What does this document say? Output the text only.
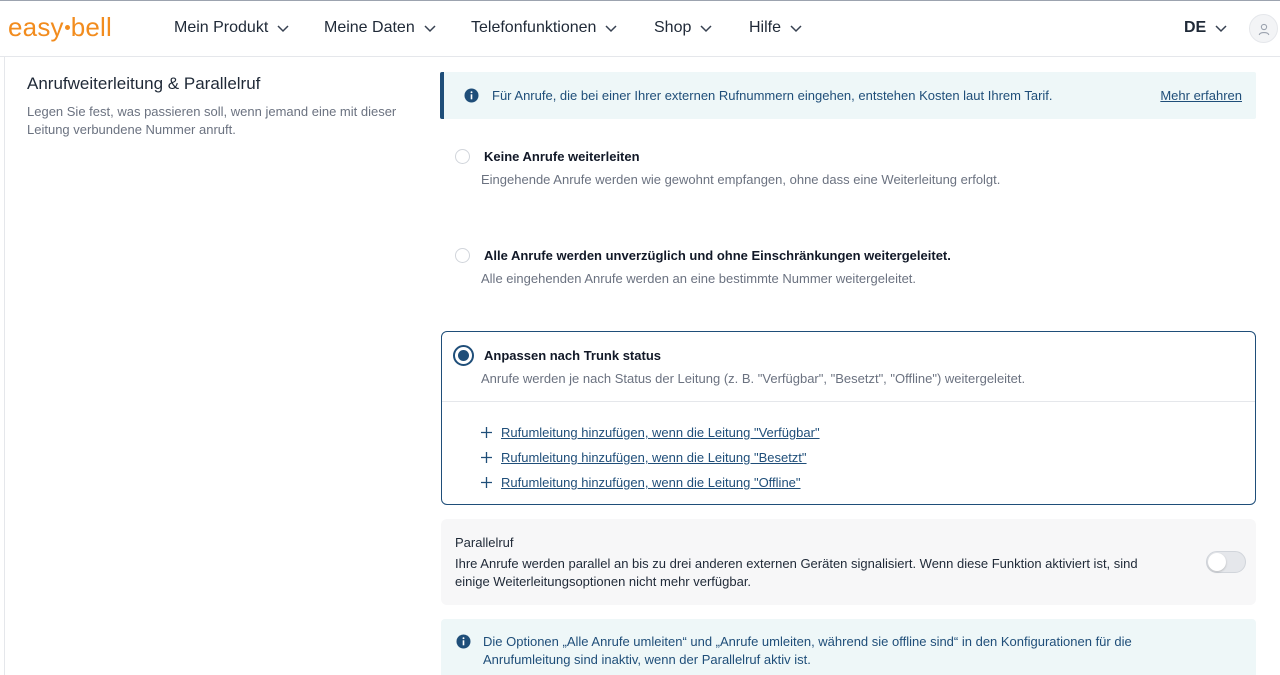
easy bell	Mein Produkt	Meine Daten	Telefonfunktionen	Shop	Hilfe	DE
Anrufweiterleitung & Parallelruf
Legen Sie fest, was passieren soll, wenn jemand eine mit dieser Leitung verbundene Nummer anruft.
Für Anrufe, die bei einer Ihrer externen Rufnummern eingehen, entstehen Kosten laut Ihrem Tarif.	Mehr erfahren
Keine Anrufe weiterleiten
Eingehende Anrufe werden wie gewohnt empfangen, ohne dass eine Weiterleitung erfolgt.
Alle Anrufe werden unverzüglich und ohne Einschränkungen weitergeleitet.
Alle eingehenden Anrufe werden an eine bestimmte Nummer weitergeleitet.
Anpassen nach Trunk status
Anrufe werden je nach Status der Leitung (z. B. "Verfügbar", "Besetzt", "Offline") weitergeleitet.
Rufumleitung hinzufügen, wenn die Leitung "Verfügbar"
Rufumleitung hinzufügen, wenn die Leitung "Besetzt"
Rufumleitung hinzufügen, wenn die Leitung "Offline"
Parallelruf
Ihre Anrufe werden parallel an bis zu drei anderen externen Geräten signalisiert. Wenn diese Funktion aktiviert ist, sind einige Weiterleitungsoptionen nicht mehr verfügbar.
Die Optionen „Alle Anrufe umleiten“ und „Anrufe umleiten, während sie offline sind“ in den Konfigurationen für die Anrufumleitung sind inaktiv, wenn der Parallelruf aktiv ist.
